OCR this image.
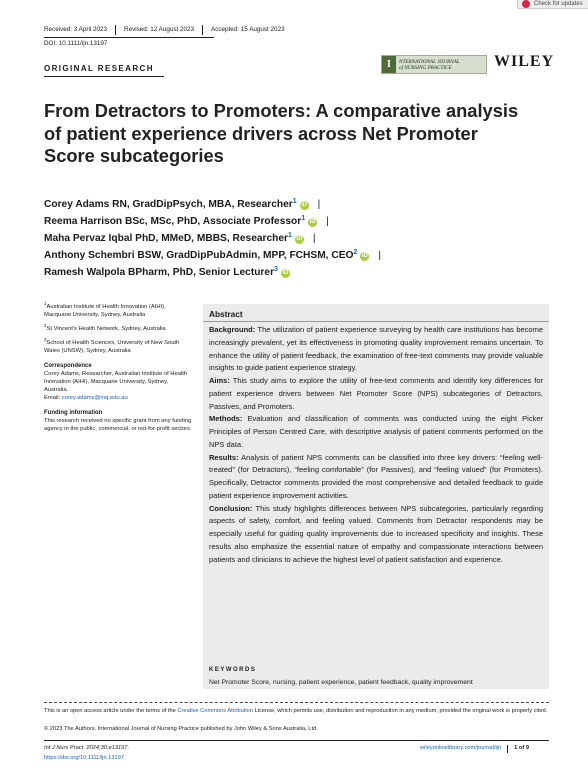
Check for updates
Received: 3 April 2023	Revised: 12 August 2023	Accepted: 15 August 2023
DOI: 10.1111/ijn.13197
ORIGINAL RESEARCH	I	NTERNATIONAL JOURNAL
of NURSING PRACTICE	WILEY
From Detractors to Promoters: A comparative analysis of patient experience drivers across Net Promoter Score subcategories
Corey Adams RN, GradDipPsych, MBA, Researcher$^1$ iD |
Reema Harrison BSc, MSc, PhD, Associate Professor$^1$ iD |
Maha Pervaz Iqbal PhD, MMeD, MBBS, Researcher$^1$ iD |
Anthony Schembri BSW, GradDipPubAdmin, MPP, FCHSM, CEO$^2$ iD |
Ramesh Walpola BPharm, PhD, Senior Lecturer$^3$ iD
$^1$Australian Institute of Health Innovation (AIHI), Macquarie University, Sydney, Australia
$^2$St Vincent's Health Network, Sydney, Australia
$^3$School of Health Sciences, University of New South Wales (UNSW), Sydney, Australia
Correspondence
Corey Adams, Researcher, Australian Institute of Health Innovation (AIHI), Macquarie University, Sydney, Australia.
Email: corey.adams@mq.edu.au
Funding information
This research received no specific grant from any funding agency in the public, commercial, or not-for-profit sectors.
Abstract
Background: The utilization of patient experience surveying by health care institutions has become increasingly prevalent, yet its effectiveness in promoting quality improvement remains uncertain. To enhance the utility of patient feedback, the examination of free-text comments may provide valuable insights to guide patient experience strategy.
Aims: This study aims to explore the utility of free-text comments and identify key differences for patient experience drivers between Net Promoter Score (NPS) subcategories of Detractors, Passives, and Promoters.
Methods: Evaluation and classification of comments was conducted using the eight Picker Principles of Person Centred Care, with descriptive analysis of patient comments performed on the NPS data.
Results: Analysis of patient NPS comments can be classified into three key drivers: “feeling well-treated” (for Detractors), “feeling comfortable” (for Passives), and “feeling valued” (for Promoters). Specifically, Detractor comments provided the most comprehensive and detailed feedback to guide patient experience improvement activities.
Conclusion: This study highlights differences between NPS subcategories, particularly regarding aspects of safety, comfort, and feeling valued. Comments from Detractor respondents may be especially useful for guiding quality improvements due to increased specificity and insights. These results also emphasize the essential nature of empathy and compassionate interactions between patients and clinicians to achieve the highest level of patient satisfaction and experience.
KEYWORDS
Net Promoter Score, nursing, patient experience, patient feedback, quality improvement
This is an open access article under the terms of the Creative Commons Attribution License, which permits use, distribution and reproduction in any medium, provided the original work is properly cited.
© 2023 The Authors. International Journal of Nursing Practice published by John Wiley & Sons Australia, Ltd.
Int J Nurs Pract. 2024;30:e13197.
https://doi.org/10.1111/ijn.13197
wileyonlinelibrary.com/journal/ijn 1 of 9
